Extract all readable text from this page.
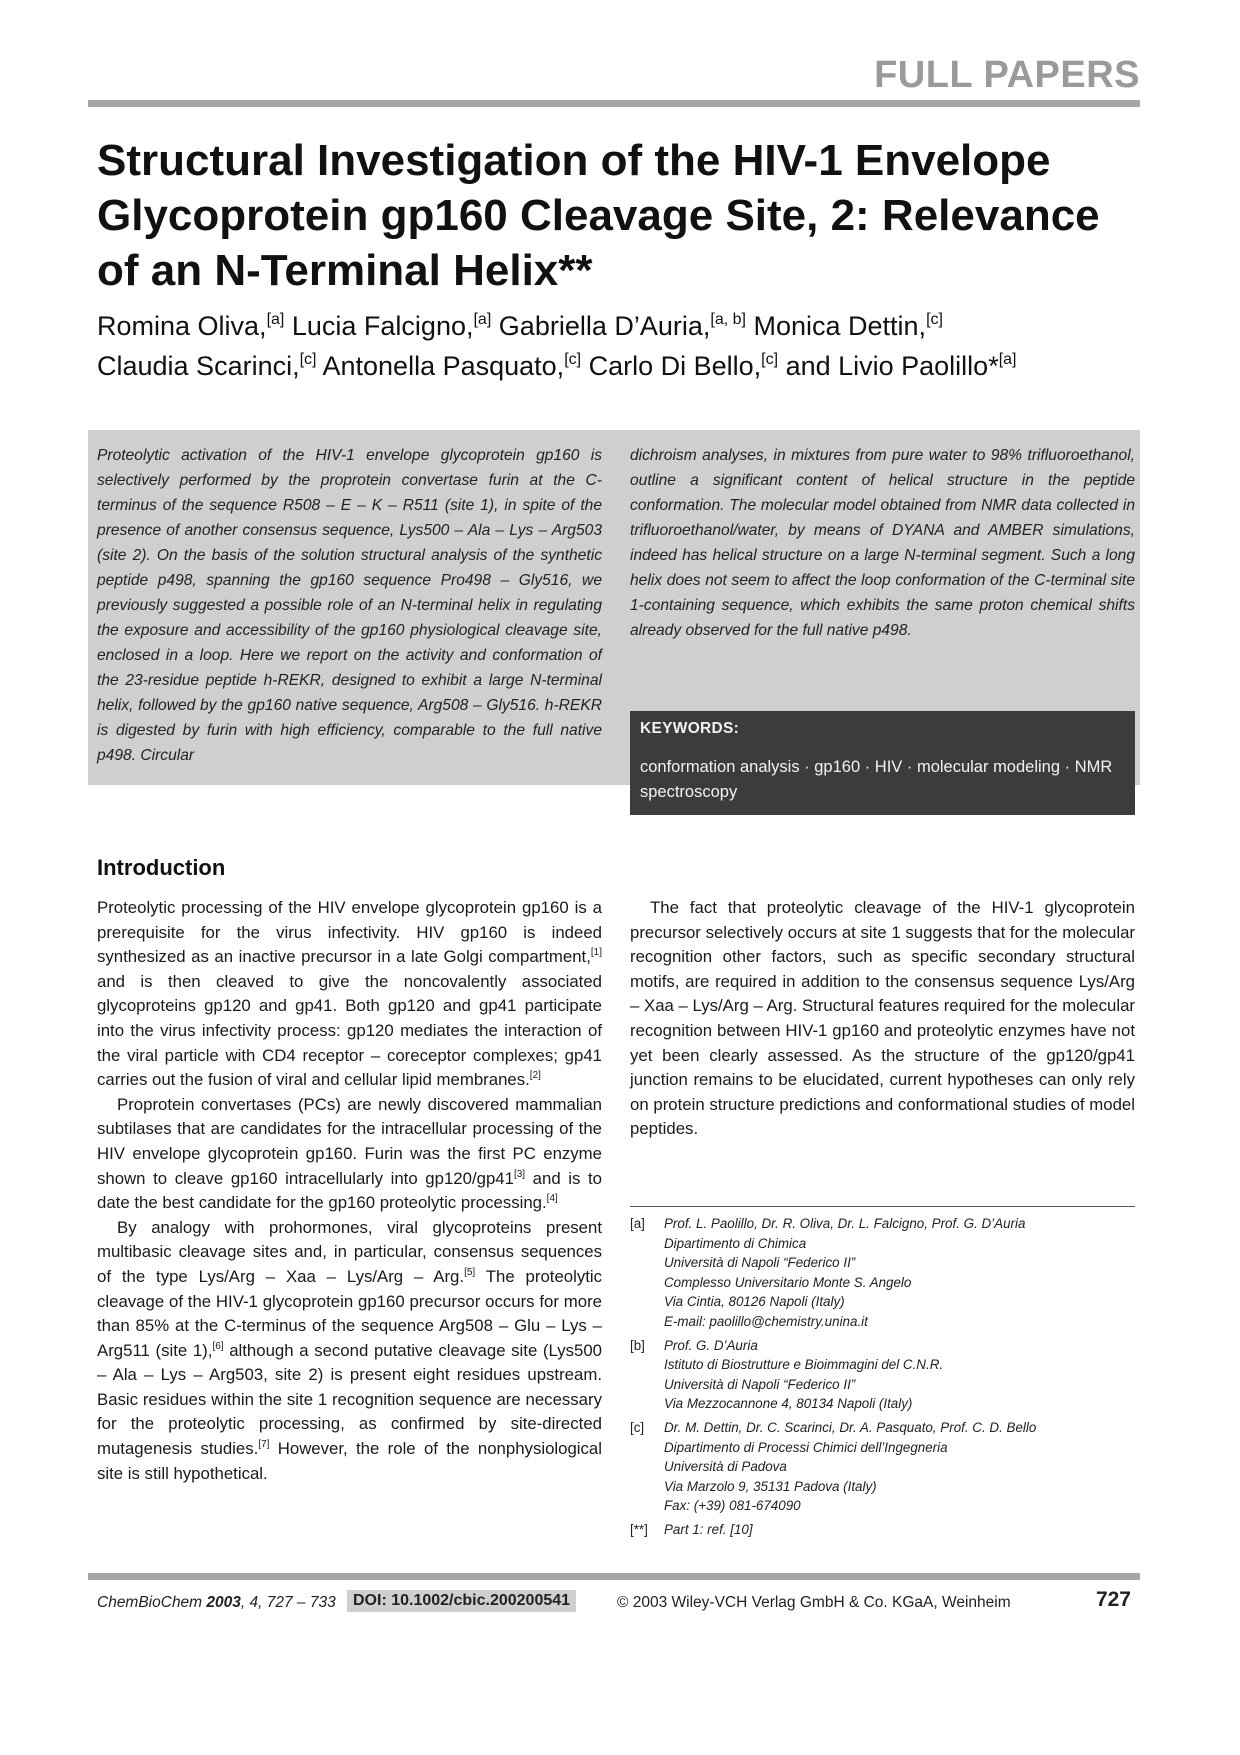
FULL PAPERS
Structural Investigation of the HIV-1 Envelope Glycoprotein gp160 Cleavage Site, 2: Relevance of an N-Terminal Helix**
Romina Oliva,[a] Lucia Falcigno,[a] Gabriella D’Auria,[a, b] Monica Dettin,[c]
Claudia Scarinci,[c] Antonella Pasquato,[c] Carlo Di Bello,[c] and Livio Paolillo*[a]
Proteolytic activation of the HIV-1 envelope glycoprotein gp160 is selectively performed by the proprotein convertase furin at the C-terminus of the sequence R508 – E – K – R511 (site 1), in spite of the presence of another consensus sequence, Lys500 – Ala – Lys – Arg503 (site 2). On the basis of the solution structural analysis of the synthetic peptide p498, spanning the gp160 sequence Pro498 – Gly516, we previously suggested a possible role of an N-terminal helix in regulating the exposure and accessibility of the gp160 physiological cleavage site, enclosed in a loop. Here we report on the activity and conformation of the 23-residue peptide h-REKR, designed to exhibit a large N-terminal helix, followed by the gp160 native sequence, Arg508 – Gly516. h-REKR is digested by furin with high efficiency, comparable to the full native p498. Circular
dichroism analyses, in mixtures from pure water to 98% trifluoroethanol, outline a significant content of helical structure in the peptide conformation. The molecular model obtained from NMR data collected in trifluoroethanol/water, by means of DYANA and AMBER simulations, indeed has helical structure on a large N-terminal segment. Such a long helix does not seem to affect the loop conformation of the C-terminal site 1-containing sequence, which exhibits the same proton chemical shifts already observed for the full native p498.
KEYWORDS:
conformation analysis · gp160 · HIV · molecular modeling · NMR spectroscopy
Introduction

Proteolytic processing of the HIV envelope glycoprotein gp160 is a prerequisite for the virus infectivity. HIV gp160 is indeed synthesized as an inactive precursor in a late Golgi compartment,[1] and is then cleaved to give the noncovalently associated glycoproteins gp120 and gp41. Both gp120 and gp41 participate into the virus infectivity process: gp120 mediates the interaction of the viral particle with CD4 receptor – coreceptor complexes; gp41 carries out the fusion of viral and cellular lipid membranes.[2]

Proprotein convertases (PCs) are newly discovered mammalian subtilases that are candidates for the intracellular processing of the HIV envelope glycoprotein gp160. Furin was the first PC enzyme shown to cleave gp160 intracellularly into gp120/gp41[3] and is to date the best candidate for the gp160 proteolytic processing.[4]

By analogy with prohormones, viral glycoproteins present multibasic cleavage sites and, in particular, consensus sequences of the type Lys/Arg – Xaa – Lys/Arg – Arg.[5] The proteolytic cleavage of the HIV-1 glycoprotein gp160 precursor occurs for more than 85% at the C-terminus of the sequence Arg508 – Glu – Lys – Arg511 (site 1),[6] although a second putative cleavage site (Lys500 – Ala – Lys – Arg503, site 2) is present eight residues upstream. Basic residues within the site 1 recognition sequence are necessary for the proteolytic processing, as confirmed by site-directed mutagenesis studies.[7] However, the role of the nonphysiological site is still hypothetical.

The fact that proteolytic cleavage of the HIV-1 glycoprotein precursor selectively occurs at site 1 suggests that for the molecular recognition other factors, such as specific secondary structural motifs, are required in addition to the consensus sequence Lys/Arg – Xaa – Lys/Arg – Arg. Structural features required for the molecular recognition between HIV-1 gp160 and proteolytic enzymes have not yet been clearly assessed. As the structure of the gp120/gp41 junction remains to be elucidated, current hypotheses can only rely on protein structure predictions and conformational studies of model peptides.

[a]	Prof. L. Paolillo, Dr. R. Oliva, Dr. L. Falcigno, Prof. G. D’Auria
Dipartimento di Chimica
Università di Napoli “Federico II”
Complesso Universitario Monte S. Angelo
Via Cintia, 80126 Napoli (Italy)
E-mail: paolillo@chemistry.unina.it
[b]	Prof. G. D’Auria
Istituto di Biostrutture e Bioimmagini del C.N.R.
Università di Napoli “Federico II”
Via Mezzocannone 4, 80134 Napoli (Italy)
[c]	Dr. M. Dettin, Dr. C. Scarinci, Dr. A. Pasquato, Prof. C. D. Bello
Dipartimento di Processi Chimici dell’Ingegneria
Università di Padova
Via Marzolo 9, 35131 Padova (Italy)
Fax: (+39) 081-674090
[**]	Part 1: ref. [10]
ChemBioChem 2003, 4, 727 – 733	DOI: 10.1002/cbic.200200541	© 2003 Wiley-VCH Verlag GmbH & Co. KGaA, Weinheim	727
